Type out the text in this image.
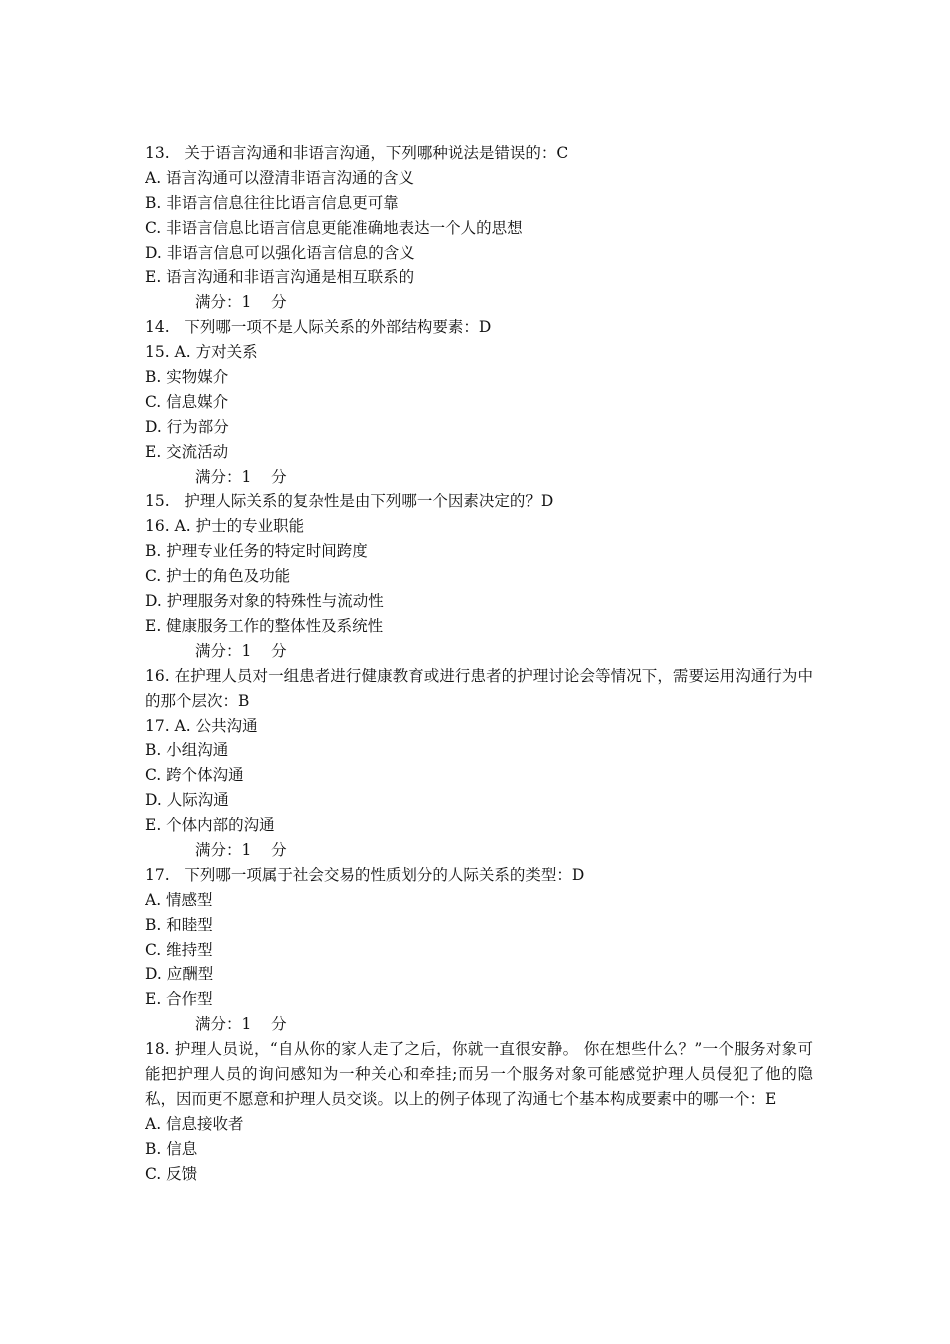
13.   关于语言沟通和非语言沟通，下列哪种说法是错误的：C
A. 语言沟通可以澄清非语言沟通的含义
B. 非语言信息往往比语言信息更可靠
C. 非语言信息比语言信息更能准确地表达一个人的思想
D. 非语言信息可以强化语言信息的含义
E. 语言沟通和非语言沟通是相互联系的
满分：1    分
14.   下列哪一项不是人际关系的外部结构要素：D
15. A. 方对关系
B. 实物媒介
C. 信息媒介
D. 行为部分
E. 交流活动
满分：1    分
15.   护理人际关系的复杂性是由下列哪一个因素决定的？D
16. A. 护士的专业职能
B. 护理专业任务的特定时间跨度
C. 护士的角色及功能
D. 护理服务对象的特殊性与流动性
E. 健康服务工作的整体性及系统性
满分：1    分
16. 在护理人员对一组患者进行健康教育或进行患者的护理讨论会等情况下，需要运用沟通行为中的那个层次：B
17. A. 公共沟通
B. 小组沟通
C. 跨个体沟通
D. 人际沟通
E. 个体内部的沟通
满分：1    分
17.   下列哪一项属于社会交易的性质划分的人际关系的类型：D
A. 情感型
B. 和睦型
C. 维持型
D. 应酬型
E. 合作型
满分：1    分
18. 护理人员说，“自从你的家人走了之后，你就一直很安静。 你在想些什么？”一个服务对象可能把护理人员的询问感知为一种关心和牵挂;而另一个服务对象可能感觉护理人员侵犯了他的隐私，因而更不愿意和护理人员交谈。以上的例子体现了沟通七个基本构成要素中的哪一个：E
A. 信息接收者
B. 信息
C. 反馈
